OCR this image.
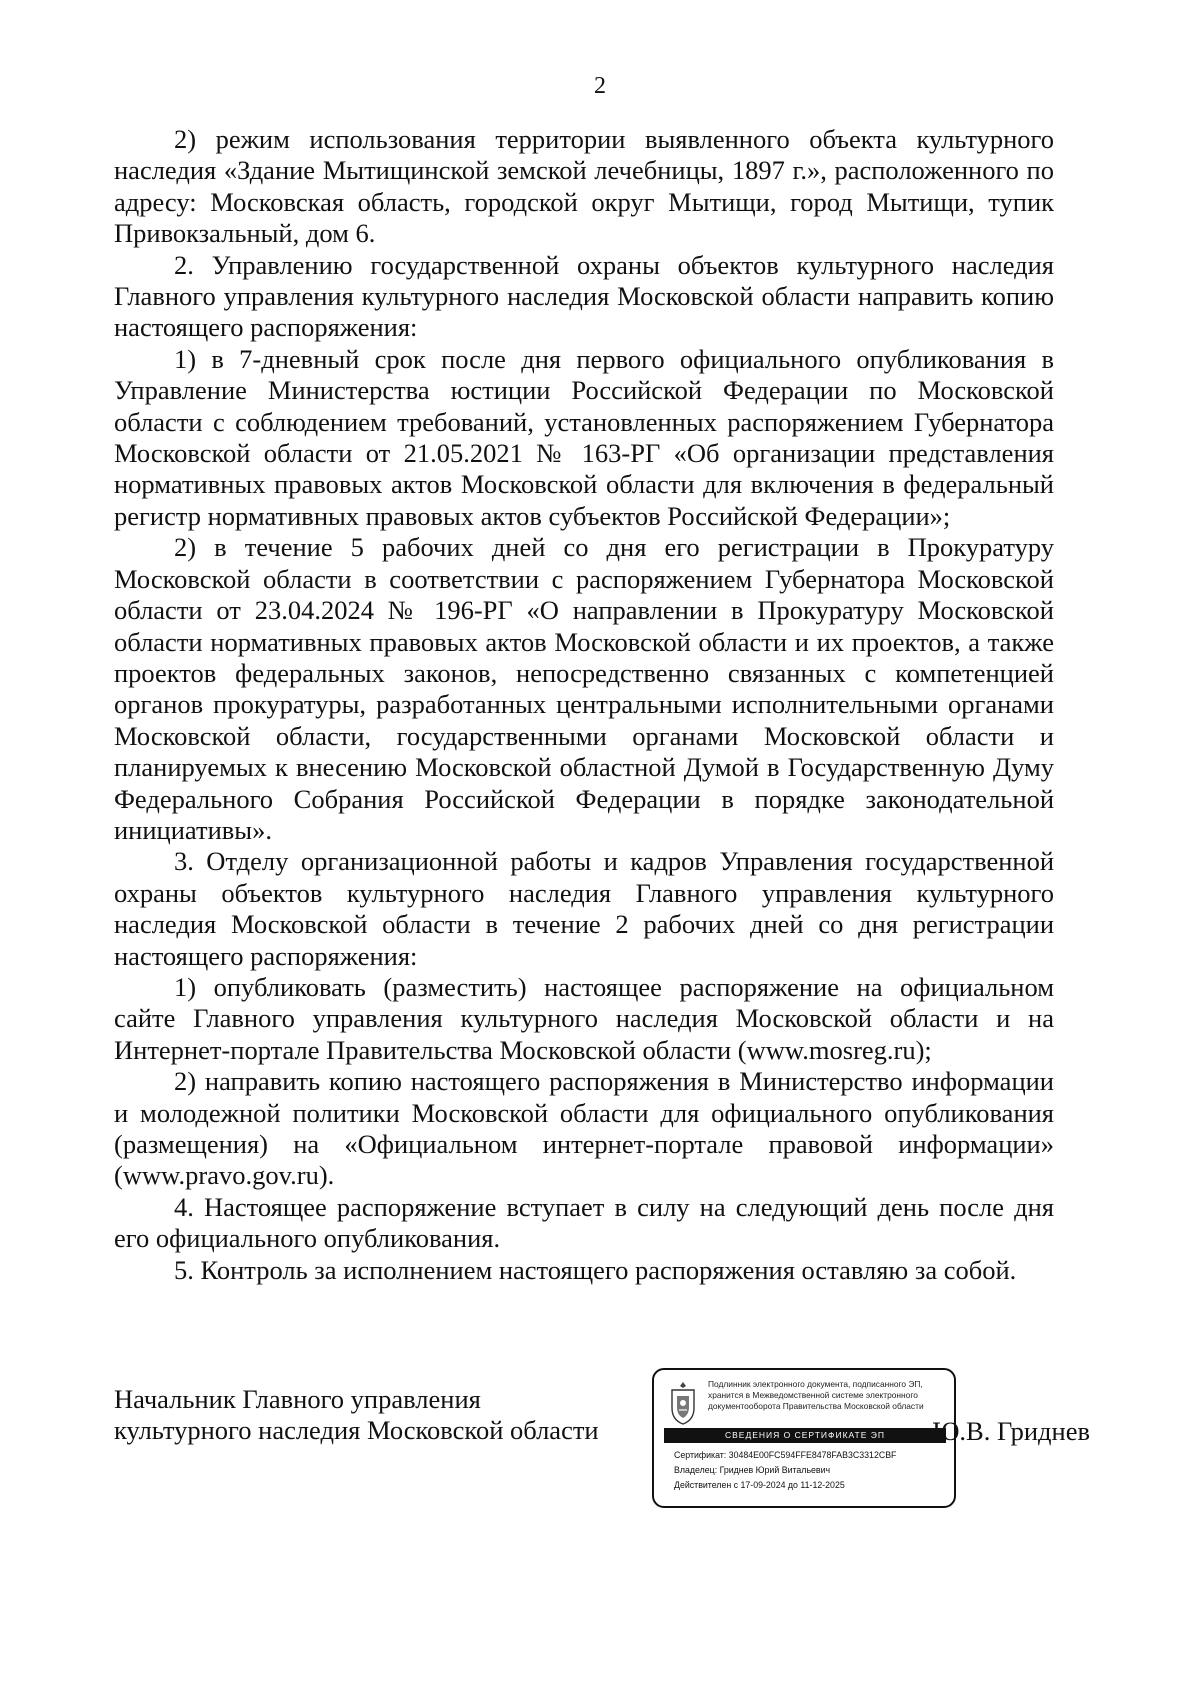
2

2) режим использования территории выявленного объекта культурного наследия «Здание Мытищинской земской лечебницы, 1897 г.», расположенного по адресу: Московская область, городской округ Мытищи, город Мытищи, тупик Привокзальный, дом 6.

2. Управлению государственной охраны объектов культурного наследия Главного управления культурного наследия Московской области направить копию настоящего распоряжения:

1) в 7-дневный срок после дня первого официального опубликования в Управление Министерства юстиции Российской Федерации по Московской области с соблюдением требований, установленных распоряжением Губернатора Московской области от 21.05.2021 № 163-РГ «Об организации представления нормативных правовых актов Московской области для включения в федеральный регистр нормативных правовых актов субъектов Российской Федерации»;

2) в течение 5 рабочих дней со дня его регистрации в Прокуратуру Московской области в соответствии с распоряжением Губернатора Московской области от 23.04.2024 № 196-РГ «О направлении в Прокуратуру Московской области нормативных правовых актов Московской области и их проектов, а также проектов федеральных законов, непосредственно связанных с компетенцией органов прокуратуры, разработанных центральными исполнительными органами Московской области, государственными органами Московской области и планируемых к внесению Московской областной Думой в Государственную Думу Федерального Собрания Российской Федерации в порядке законодательной инициативы».

3. Отделу организационной работы и кадров Управления государственной охраны объектов культурного наследия Главного управления культурного наследия Московской области в течение 2 рабочих дней со дня регистрации настоящего распоряжения:

1) опубликовать (разместить) настоящее распоряжение на официальном сайте Главного управления культурного наследия Московской области и на Интернет-портале Правительства Московской области (www.mosreg.ru);

2) направить копию настоящего распоряжения в Министерство информации и молодежной политики Московской области для официального опубликования (размещения) на «Официальном интернет-портале правовой информации» (www.pravo.gov.ru).

4. Настоящее распоряжение вступает в силу на следующий день после дня его официального опубликования.

5. Контроль за исполнением настоящего распоряжения оставляю за собой.

Начальник Главного управления
культурного наследия Московской области
Подлинник электронного документа, подписанного ЭП, хранится в Межведомственной системе электронного документооборота Правительства Московской области
СВЕДЕНИЯ О СЕРТИФИКАТЕ ЭП
Сертификат: 30484E00FC594FFE8478FAB3C3312CBF
Владелец: Гриднев Юрий Витальевич
Действителен с 17-09-2024 до 11-12-2025
Ю.В. Гриднев
